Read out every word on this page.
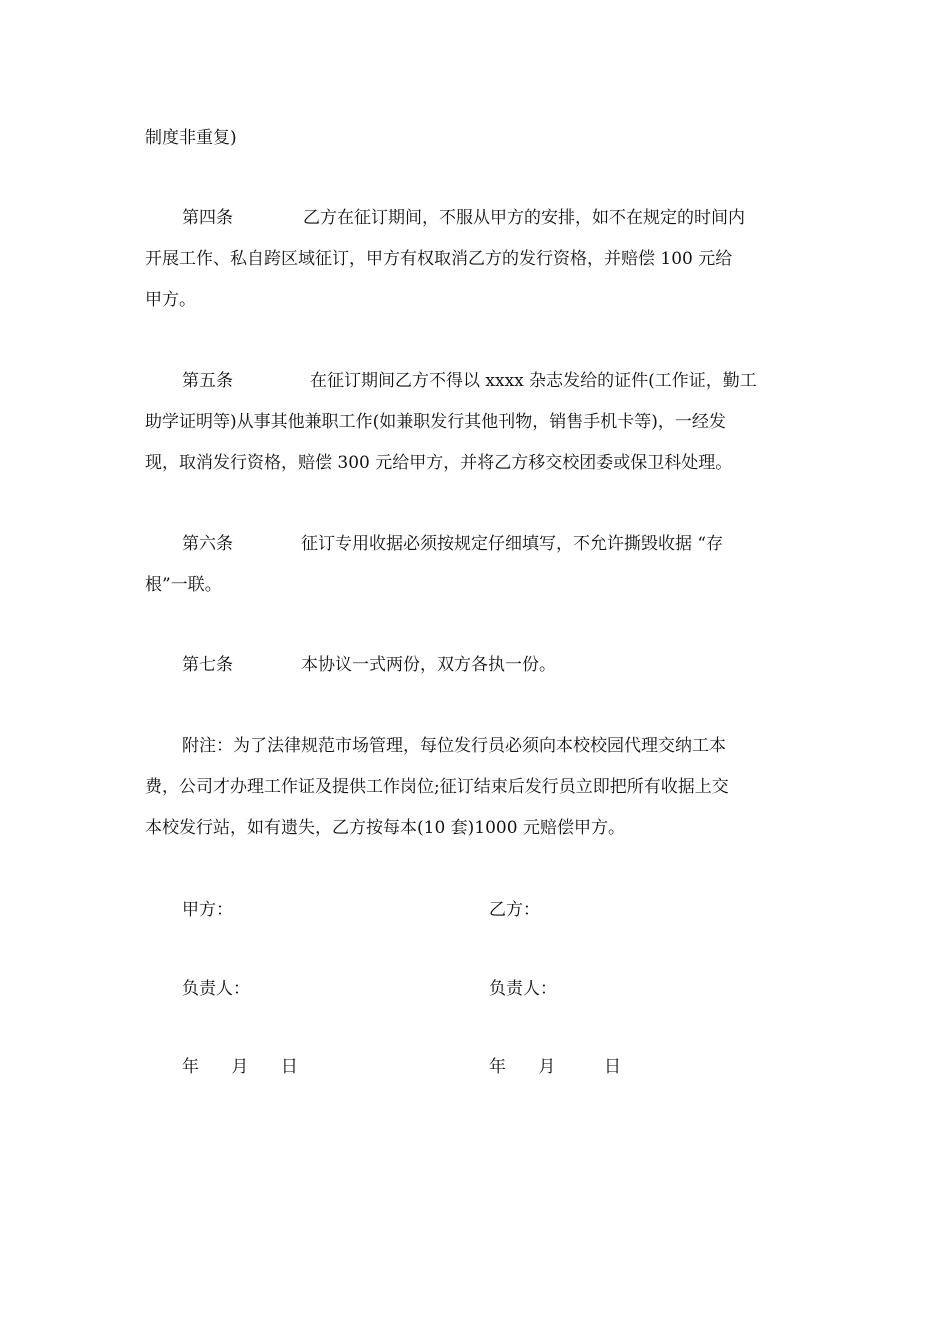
制度非重复)

第四条	乙方在征订期间，不服从甲方的安排，如不在规定的时间内
开展工作、私自跨区域征订，甲方有权取消乙方的发行资格，并赔偿 100 元给
甲方。

第五条	在征订期间乙方不得以 xxxx 杂志发给的证件(工作证，勤工
助学证明等)从事其他兼职工作(如兼职发行其他刊物，销售手机卡等)，一经发
现，取消发行资格，赔偿 300 元给甲方，并将乙方移交校团委或保卫科处理。

第六条	征订专用收据必须按规定仔细填写，不允许撕毁收据 “存
根”一联。

第七条	本协议一式两份，双方各执一份。

附注：为了法律规范市场管理，每位发行员必须向本校校园代理交纳工本
费，公司才办理工作证及提供工作岗位;征订结束后发行员立即把所有收据上交
本校发行站，如有遗失，乙方按每本(10 套)1000 元赔偿甲方。

甲方：	乙方：
负责人：	负责人：
年      月      日	年      月         日
